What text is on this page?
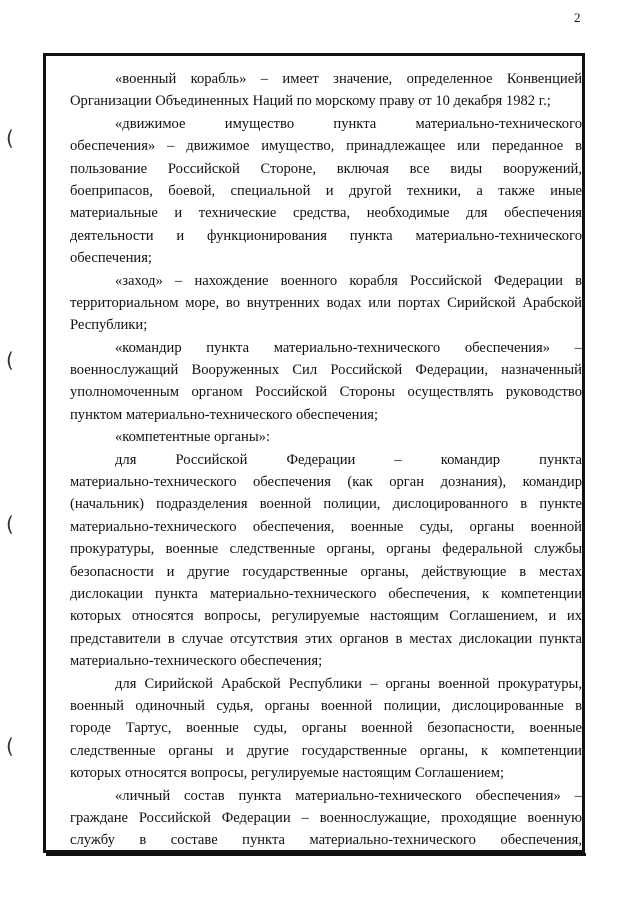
2
(
(
(
(
«военный корабль» – имеет значение, определенное Конвенцией
Организации Объединенных Наций по морскому праву от 10 декабря 1982 г.;
«движимое имущество пункта материально-технического
обеспечения» – движимое имущество, принадлежащее или переданное в
пользование Российской Стороне, включая все виды вооружений,
боеприпасов, боевой, специальной и другой техники, а также иные
материальные и технические средства, необходимые для обеспечения
деятельности и функционирования пункта материально-технического
обеспечения;
«заход» – нахождение военного корабля Российской Федерации в
территориальном море, во внутренних водах или портах Сирийской Арабской
Республики;
«командир пункта материально-технического обеспечения» –
военнослужащий Вооруженных Сил Российской Федерации, назначенный
уполномоченным органом Российской Стороны осуществлять руководство
пунктом материально-технического обеспечения;
«компетентные органы»:
для Российской Федерации – командир пункта
материально-технического обеспечения (как орган дознания), командир
(начальник) подразделения военной полиции, дислоцированного в пункте
материально-технического обеспечения, военные суды, органы военной
прокуратуры, военные следственные органы, органы федеральной службы
безопасности и другие государственные органы, действующие в местах
дислокации пункта материально-технического обеспечения, к компетенции
которых относятся вопросы, регулируемые настоящим Соглашением, и их
представители в случае отсутствия этих органов в местах дислокации пункта
материально-технического обеспечения;
для Сирийской Арабской Республики – органы военной прокуратуры,
военный одиночный судья, органы военной полиции, дислоцированные в
городе Тартус, военные суды, органы военной безопасности, военные
следственные органы и другие государственные органы, к компетенции
которых относятся вопросы, регулируемые настоящим Соглашением;
«личный состав пункта материально-технического обеспечения» –
граждане Российской Федерации – военнослужащие, проходящие военную
службу в составе пункта материально-технического обеспечения,
